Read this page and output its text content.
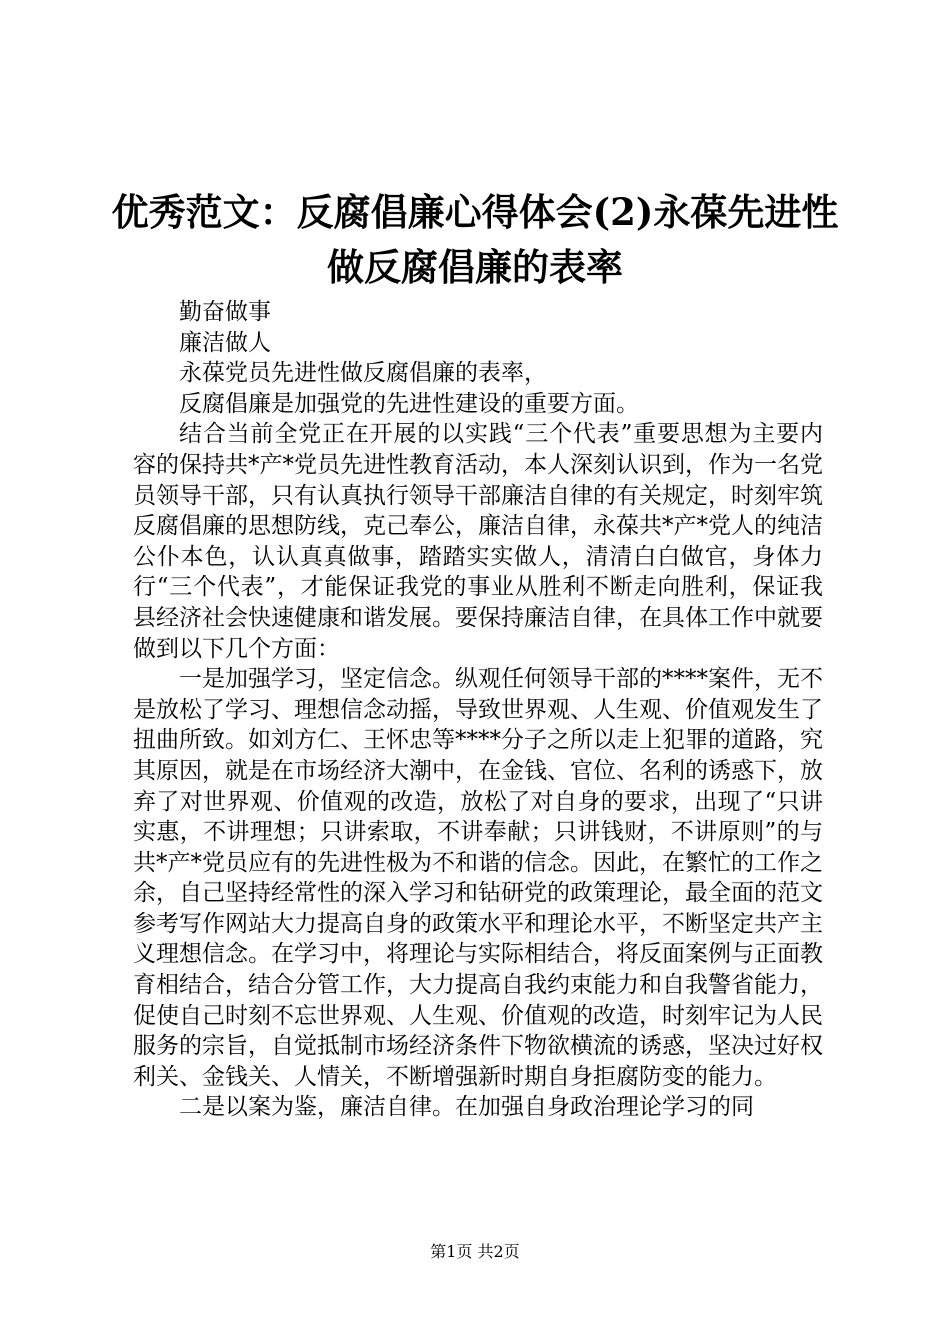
优秀范文：反腐倡廉心得体会(2)永葆先进性
做反腐倡廉的表率

勤奋做事

廉洁做人

永葆党员先进性做反腐倡廉的表率，

反腐倡廉是加强党的先进性建设的重要方面。

结合当前全党正在开展的以实践“三个代表”重要思想为主要内容的保持共*产*党员先进性教育活动，本人深刻认识到，作为一名党员领导干部，只有认真执行领导干部廉洁自律的有关规定，时刻牢筑反腐倡廉的思想防线，克己奉公，廉洁自律，永葆共*产*党人的纯洁公仆本色，认认真真做事，踏踏实实做人，清清白白做官，身体力行“三个代表”，才能保证我党的事业从胜利不断走向胜利，保证我县经济社会快速健康和谐发展。要保持廉洁自律，在具体工作中就要做到以下几个方面：

一是加强学习，坚定信念。纵观任何领导干部的****案件，无不是放松了学习、理想信念动摇，导致世界观、人生观、价值观发生了扭曲所致。如刘方仁、王怀忠等****分子之所以走上犯罪的道路，究其原因，就是在市场经济大潮中，在金钱、官位、名利的诱惑下，放弃了对世界观、价值观的改造，放松了对自身的要求，出现了“只讲实惠，不讲理想；只讲索取，不讲奉献；只讲钱财，不讲原则”的与共*产*党员应有的先进性极为不和谐的信念。因此，在繁忙的工作之余，自己坚持经常性的深入学习和钻研党的政策理论，最全面的范文参考写作网站大力提高自身的政策水平和理论水平，不断坚定共产主义理想信念。在学习中，将理论与实际相结合，将反面案例与正面教育相结合，结合分管工作，大力提高自我约束能力和自我警省能力，促使自己时刻不忘世界观、人生观、价值观的改造，时刻牢记为人民服务的宗旨，自觉抵制市场经济条件下物欲横流的诱惑，坚决过好权利关、金钱关、人情关，不断增强新时期自身拒腐防变的能力。

二是以案为鉴，廉洁自律。在加强自身政治理论学习的同

第1页 共2页
